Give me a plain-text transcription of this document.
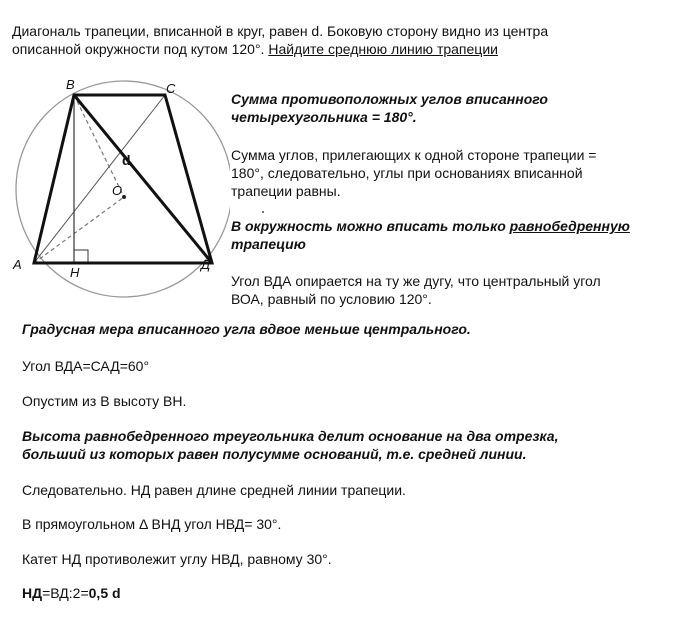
Диагональ трапеции, вписанной в круг, равен d. Боковую сторону видно из центра
описанной окружности под кутом 120°. Найдите среднюю линию трапеции
В	С
О
d
А
Н
Д
Сумма противоположных углов вписанного
четырехугольника = 180°.
Сумма углов, прилегающих к одной стороне трапеции =
180°, следовательно, углы при основаниях вписанной
трапеции равны.
В окружность можно вписать только равнобедренную
трапецию
Угол ВДА опирается на ту же дугу, что центральный угол
ВОА, равный по условию 120°.
Градусная мера вписанного угла вдвое меньше центрального.
Угол ВДА=САД=60°
Опустим из В высоту ВН.
Высота равнобедренного треугольника делит основание на два отрезка,
больший из которых равен полусумме оснований, т.е. средней линии.
Следовательно. НД равен длине средней линии трапеции.
В прямоугольном Δ ВНД угол НВД= 30°.
Катет НД противолежит углу НВД, равному 30°.
НД=ВД:2=0,5 d
